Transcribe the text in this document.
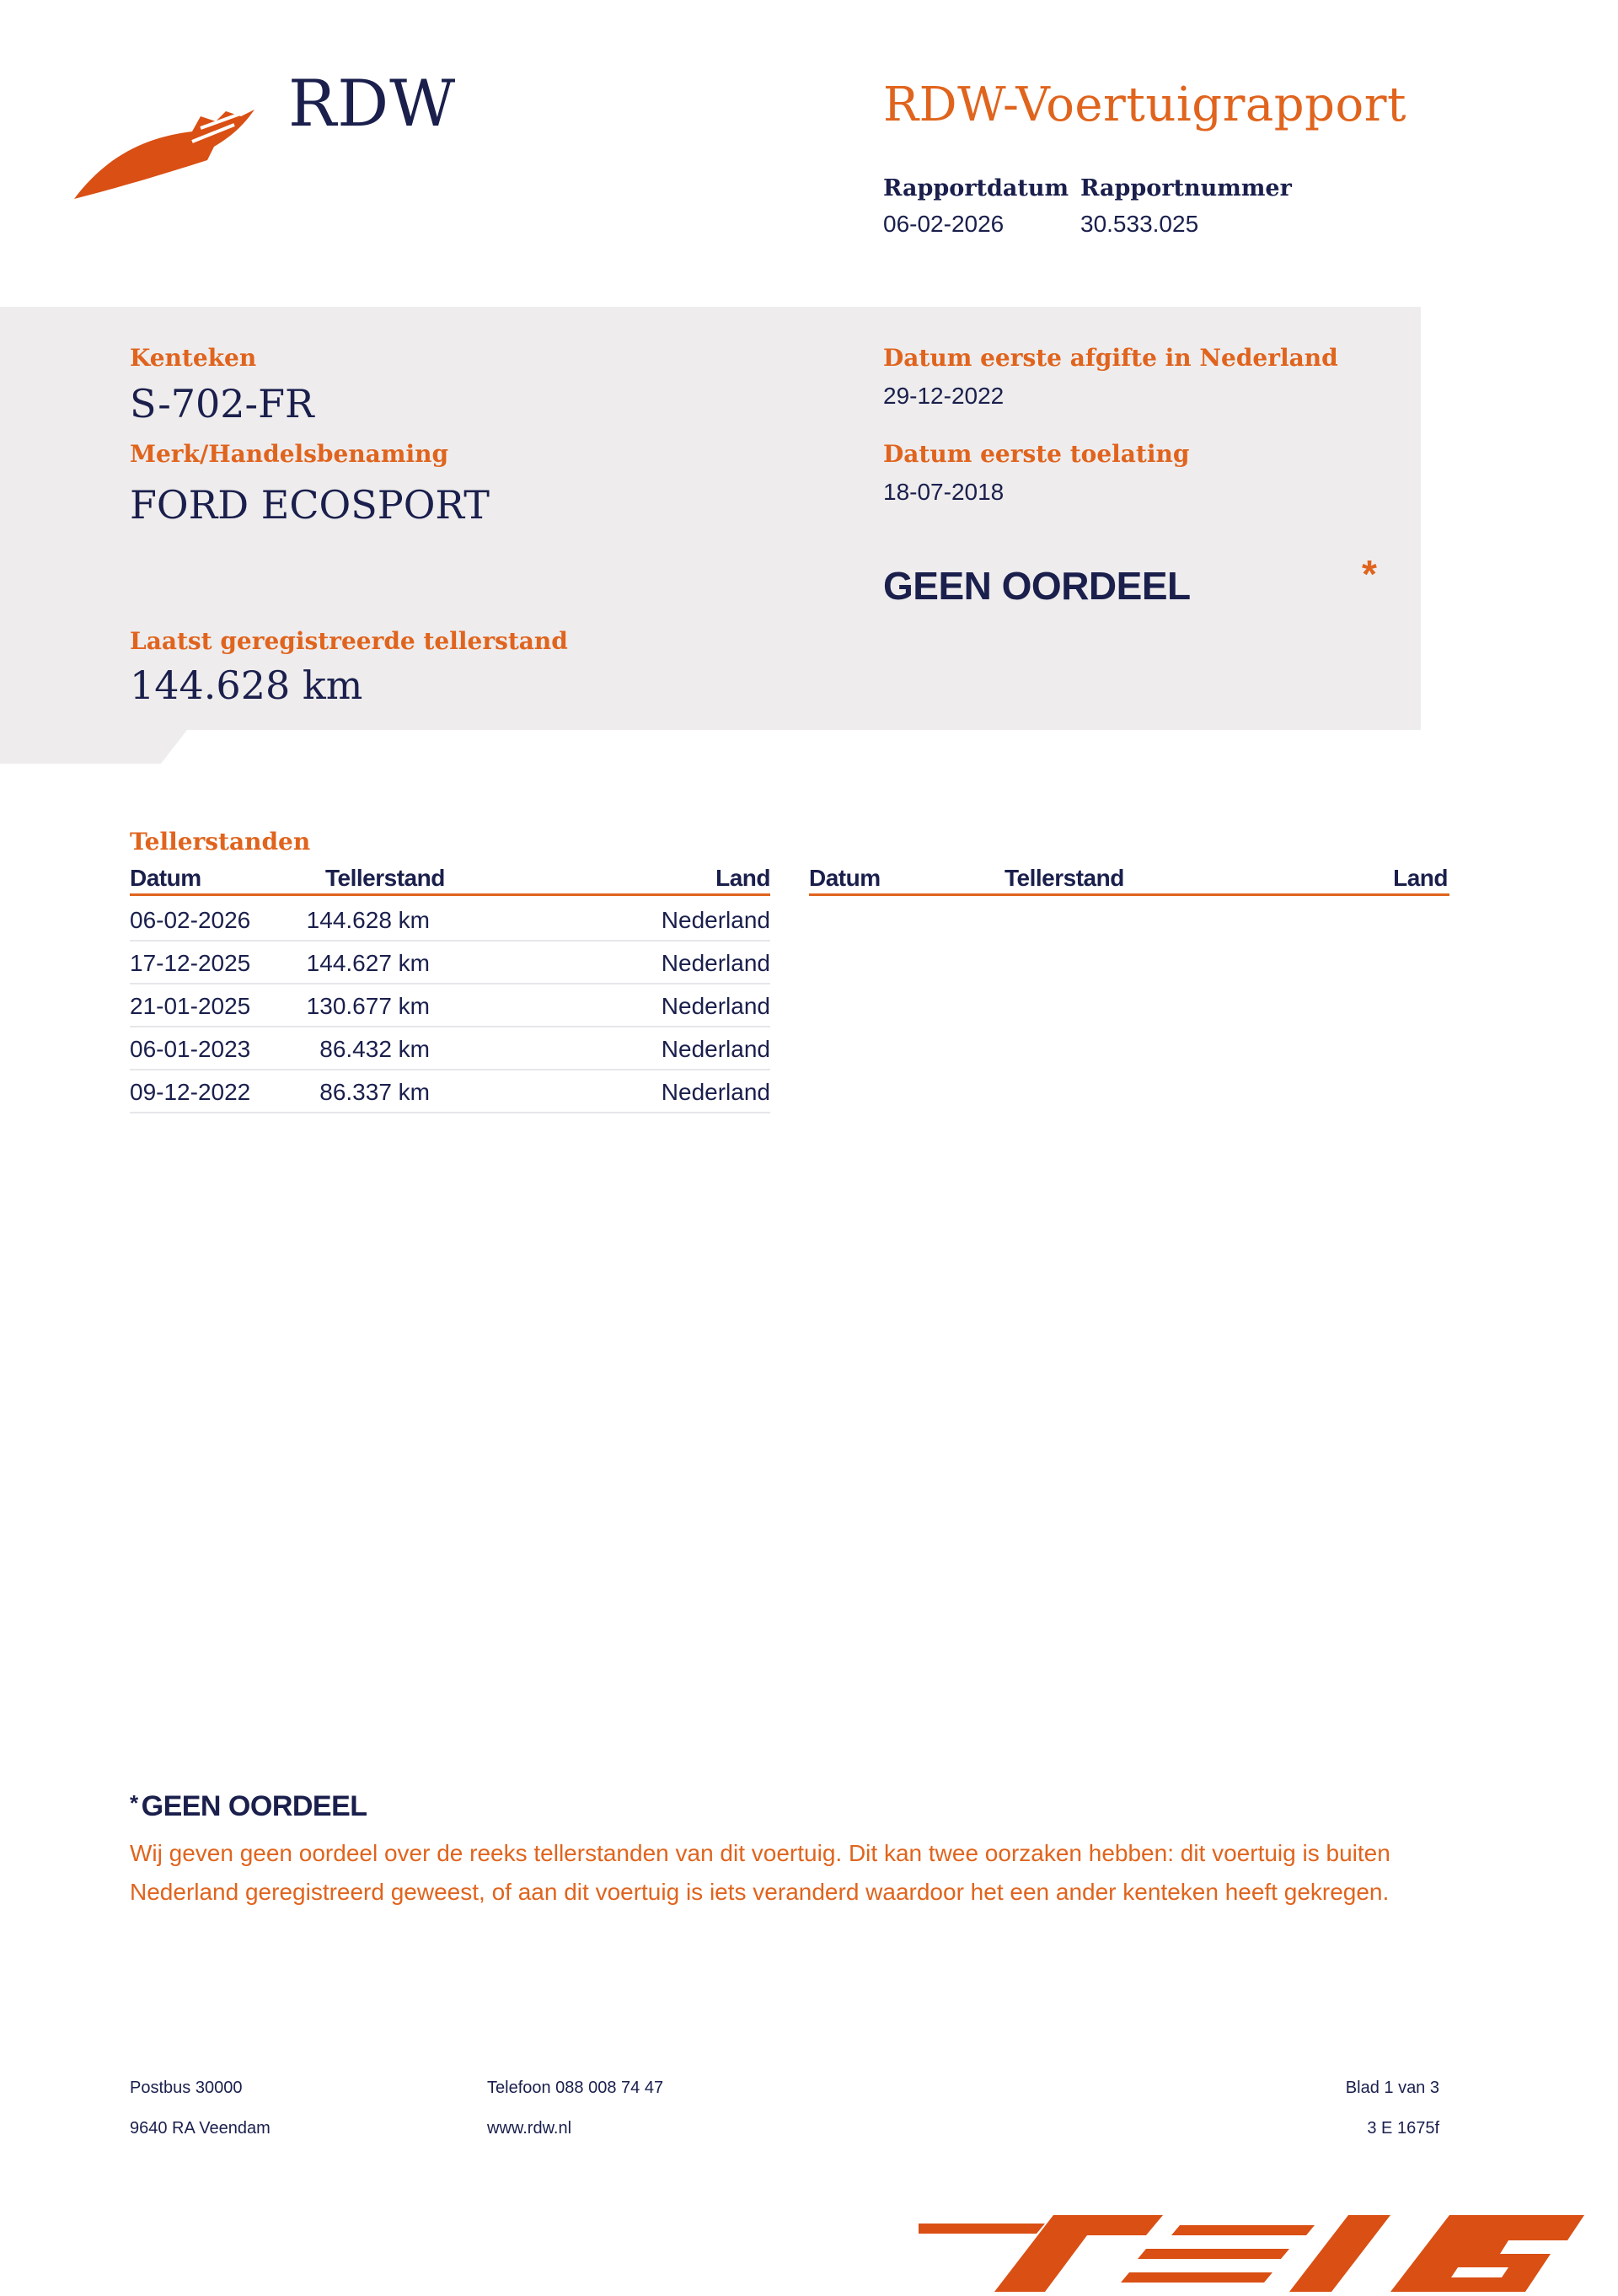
RDW	RDW-Voertuigrapport
Rapportdatum
06-02-2026
Rapportnummer
30.533.025
Kenteken
S-702-FR
Merk/Handelsbenaming
FORD ECOSPORT
Datum eerste afgifte in Nederland
29-12-2022
Datum eerste toelating
18-07-2018
GEEN OORDEEL	*
Laatst geregistreerde tellerstand
144.628 km
Tellerstanden
Datum	Tellerstand	Land Datum	Tellerstand	Land
06-02-2026	144.628 km	Nederland
17-12-2025	144.627 km	Nederland
21-01-2025	130.677 km	Nederland
06-01-2023	86.432 km	Nederland
09-12-2022	86.337 km	Nederland
* GEEN OORDEEL
Wij geven geen oordeel over de reeks tellerstanden van dit voertuig. Dit kan twee oorzaken hebben: dit voertuig is buiten Nederland geregistreerd geweest, of aan dit voertuig is iets veranderd waardoor het een ander kenteken heeft gekregen.
Postbus 30000
9640 RA Veendam
Telefoon 088 008 74 47
www.rdw.nl
Blad 1 van 3
3 E 1675f
